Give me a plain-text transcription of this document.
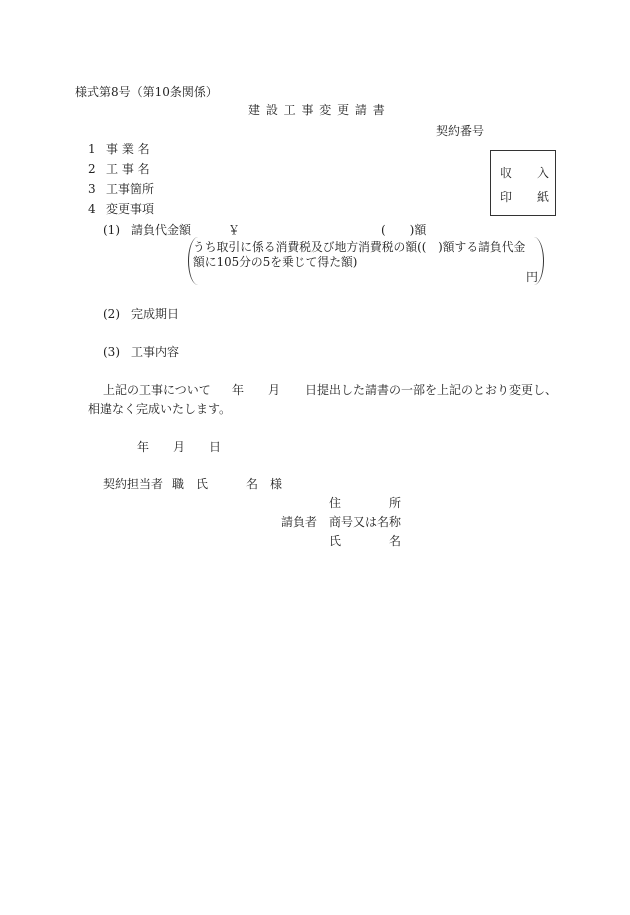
様式第8号（第10条関係）
建 設 工 事 変 更 請 書
契約番号
収 入
印 紙
1 事 業 名
2 工 事 名
3 工事箇所
4 変更事項
(1) 請負代金額	￥	(　　)額
うち取引に係る消費税及び地方消費税の額((　)額する請負代金
額に105分の5を乗じて得た額)
円
(2) 完成期日
(3) 工事内容
上記の工事について 年 月 日提出した請書の一部を上記のとおり変更し、
相違なく完成いたします。
年 月 日
契約担当者 職 氏	名 様
住	所
請負者 商号又は名称
氏	名
